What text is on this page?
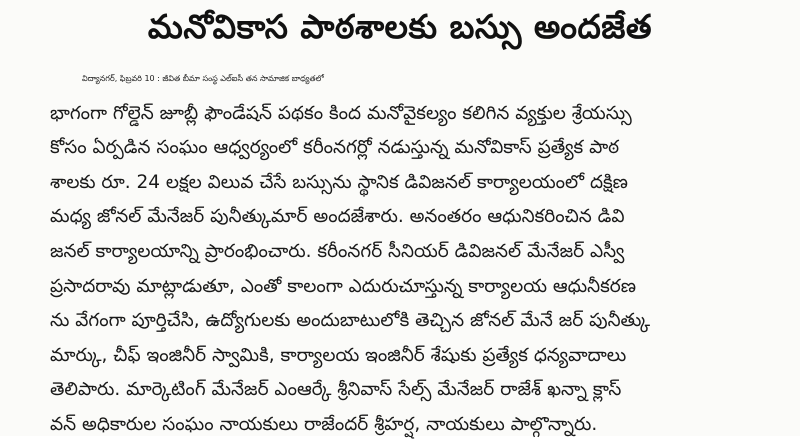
మనోవికాస పాఠశాలకు బస్సు అందజేత
విద్యానగర్, ఫిబ్రవరి 10 : జీవిత బీమా సంస్థ ఎల్ఐసీ తన సామాజిక బాధ్యతలో
భాగంగా గోల్డెన్ జూబ్లీ ఫౌండేషన్ పథకం కింద మనోవైకల్యం కలిగిన వ్యక్తుల శ్రేయస్సు
కోసం ఏర్పడిన సంఘం ఆధ్వర్యంలో కరీంనగర్లో నడుస్తున్న మనోవికాస్ ప్రత్యేక పాఠ
శాలకు రూ. 24 లక్షల విలువ చేసే బస్సును స్థానిక డివిజనల్ కార్యాలయంలో దక్షిణ
మధ్య జోనల్ మేనేజర్ పునీత్కుమార్ అందజేశారు. అనంతరం ఆధునికరించిన డివి
జనల్ కార్యాలయాన్ని ప్రారంభించారు. కరీంనగర్ సీనియర్ డివిజనల్ మేనేజర్ ఎస్వీ
ప్రసాదరావు మాట్లాడుతూ, ఎంతో కాలంగా ఎదురుచూస్తున్న కార్యాలయ ఆధునీకరణ
ను వేగంగా పూర్తిచేసి, ఉద్యోగులకు అందుబాటులోకి తెచ్చిన జోనల్ మేనే జర్ పునీత్కు
మార్కు, చీఫ్ ఇంజినీర్ స్వామికి, కార్యాలయ ఇంజినీర్ శేషుకు ప్రత్యేక ధన్యవాదాలు
తెలిపారు. మార్కెటింగ్ మేనేజర్ ఎంఆర్కే శ్రీనివాస్ సేల్స్ మేనేజర్ రాజేశ్ ఖన్నా క్లాస్
వన్ అధికారుల సంఘం నాయకులు రాజేందర్ శ్రీహర్ష, నాయకులు పాల్గొన్నారు.
